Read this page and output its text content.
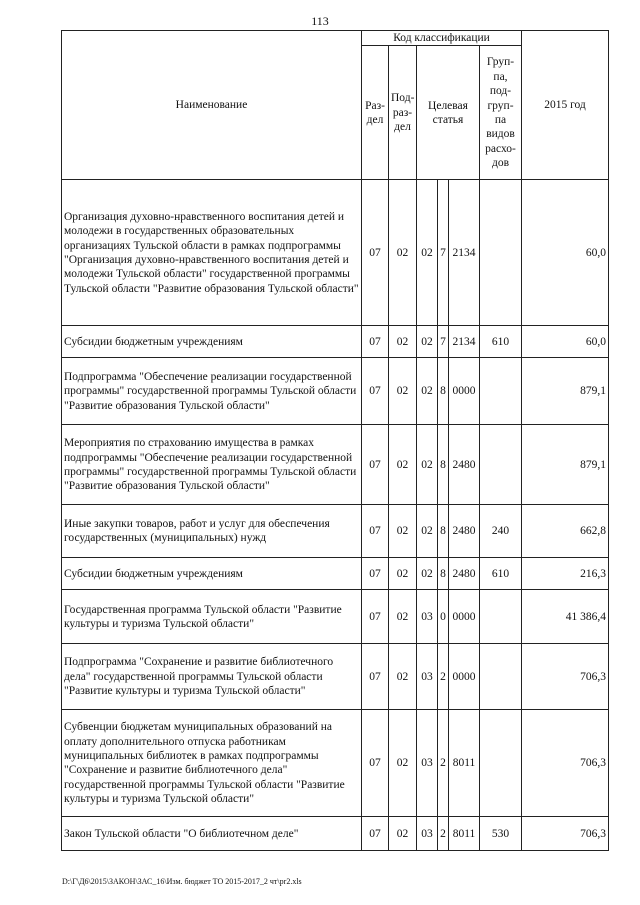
113
Наименование	Код классификации						2015 год
	Раз- дел	Под- раз- дел	Целевая статья			Груп- па, под- груп- па видов расхо- дов	
Организация духовно-нравственного воспитания детей и молодежи в государственных образовательных организациях Тульской области в рамках подпрограммы "Организация духовно-нравственного воспитания детей и молодежи Тульской области" государственной программы Тульской области "Развитие образования Тульской области"	07	02	02	7	2134		60,0
Субсидии бюджетным учреждениям	07	02	02	7	2134	610	60,0
Подпрограмма "Обеспечение реализации государственной программы" государственной программы Тульской области "Развитие образования Тульской области"	07	02	02	8	0000		879,1
Мероприятия по страхованию имущества в рамках подпрограммы "Обеспечение реализации государственной программы" государственной программы Тульской области "Развитие образования Тульской области"	07	02	02	8	2480		879,1
Иные закупки товаров, работ и услуг для обеспечения государственных (муниципальных) нужд	07	02	02	8	2480	240	662,8
Субсидии бюджетным учреждениям	07	02	02	8	2480	610	216,3
Государственная программа Тульской области "Развитие культуры и туризма Тульской области"	07	02	03	0	0000		41 386,4
Подпрограмма "Сохранение и развитие библиотечного дела" государственной программы Тульской области "Развитие культуры и туризма Тульской области"	07	02	03	2	0000		706,3
Субвенции бюджетам муниципальных образований на оплату дополнительного отпуска работникам муниципальных библиотек в рамках подпрограммы "Сохранение и развитие библиотечного дела" государственной программы Тульской области "Развитие культуры и туризма Тульской области"	07	02	03	2	8011		706,3
Закон Тульской области "О библиотечном деле"	07	02	03	2	8011	530	706,3
D:\Г\Д6\2015\ЗАКОН\ЗАС_16\Изм. бюджет ТО 2015-2017_2 чт\pr2.xls
